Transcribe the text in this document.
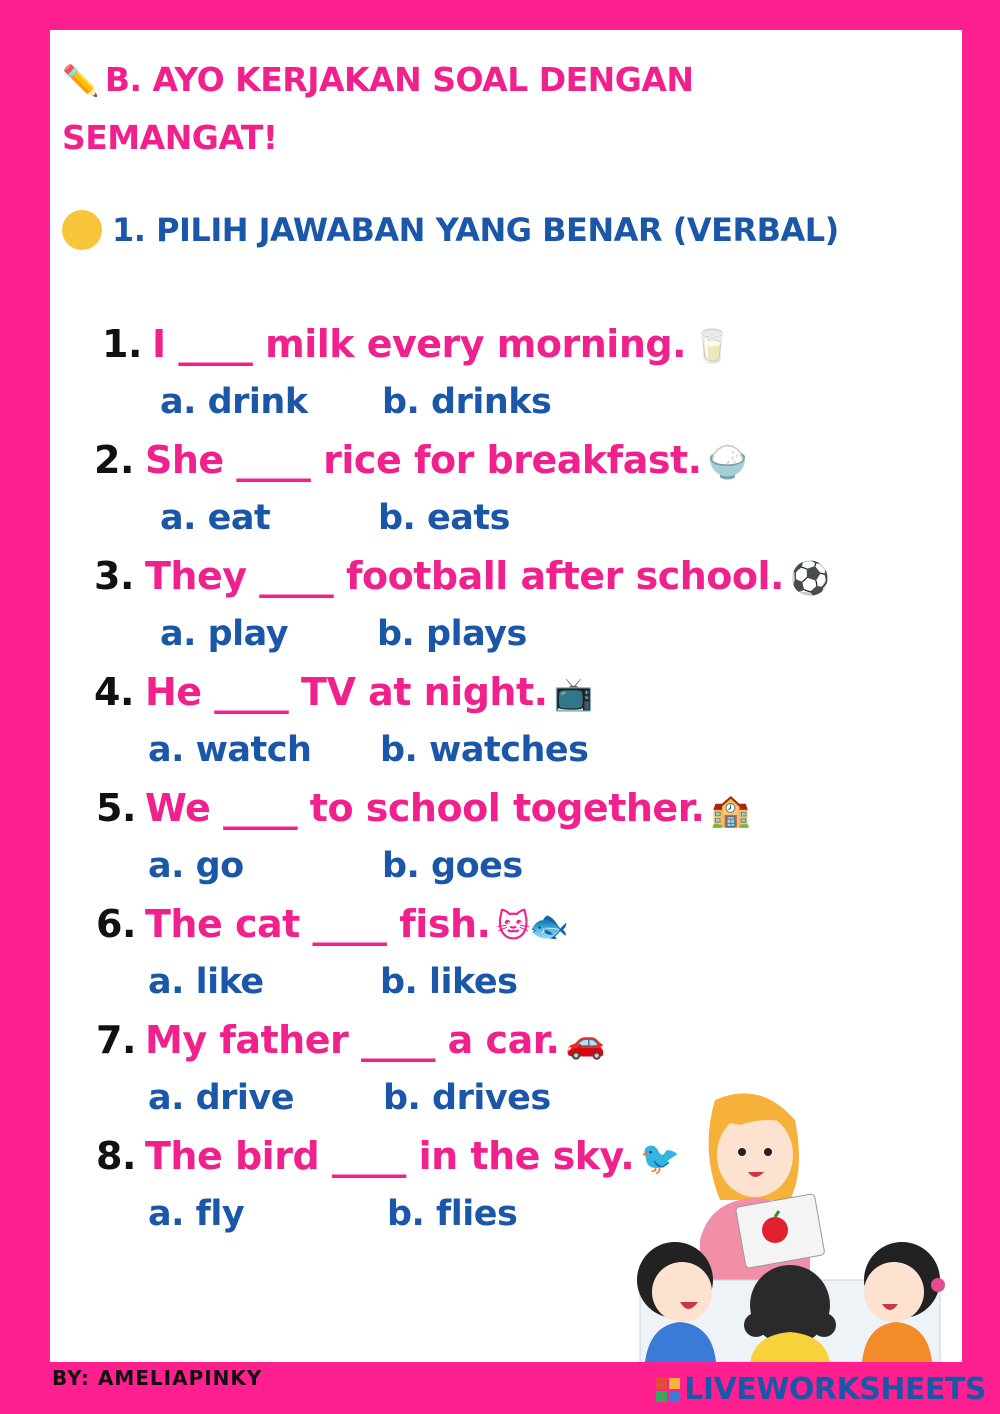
✏️ B. AYO KERJAKAN SOAL DENGAN
SEMANGAT!
1. PILIH JAWABAN YANG BENAR (VERBAL)
1. I ____ milk every morning. 🥛
a. drink b. drinks
2. She ____ rice for breakfast. 🍚
a. eat	b. eats
3. They ____ football after school. ⚽
a. play	b. plays
4. He ____ TV at night. 📺
a. watch b. watches
5. We ____ to school together. 🏫
a. go	b. goes
6. The cat ____ fish. 🐱🐟
a. like	b. likes
7. My father ____ a car. 🚗
a. drive	b. drives
8. The bird ____ in the sky. 🐦
a. fly	b. flies
BY: AMELIAPINKY	LIVEWORKSHEETS
